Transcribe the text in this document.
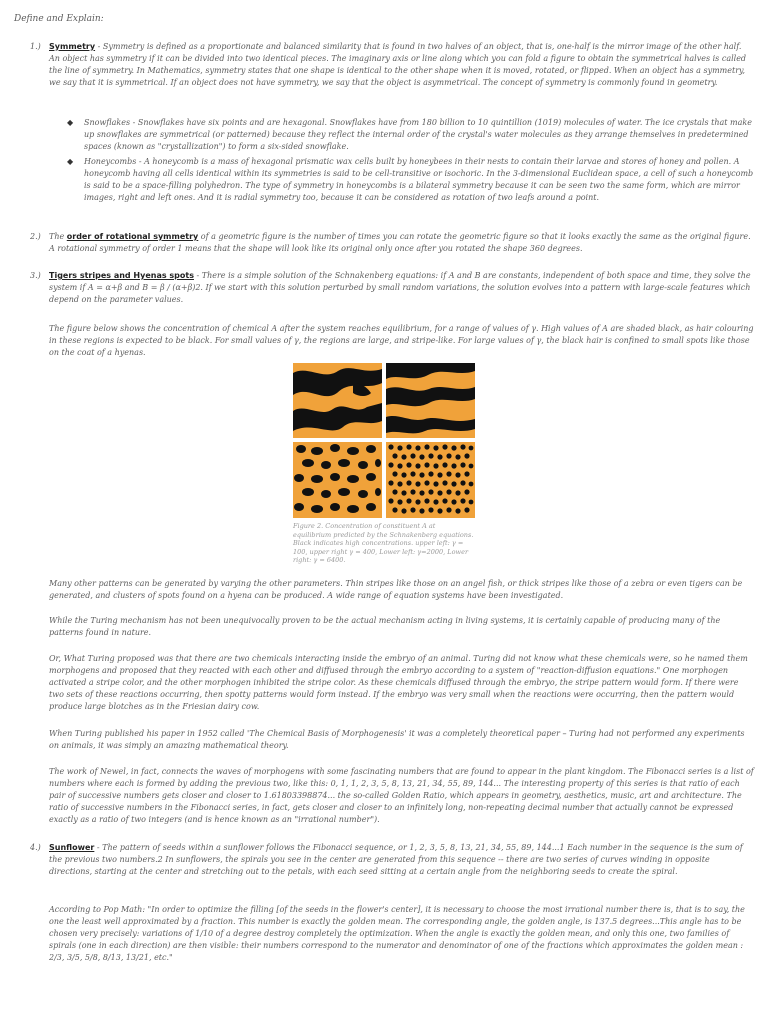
Define and Explain:
1.) Symmetry - Symmetry is defined as a proportionate and balanced similarity that is found in two halves of an object, that is, one-half is the mirror image of the other half. An object has symmetry if it can be divided into two identical pieces. The imaginary axis or line along which you can fold a figure to obtain the symmetrical halves is called the line of symmetry. In Mathematics, symmetry states that one shape is identical to the other shape when it is moved, rotated, or flipped. When an object has a symmetry, we say that it is symmetrical. If an object does not have symmetry, we say that the object is asymmetrical. The concept of symmetry is commonly found in geometry.

◆ Snowflakes - Snowflakes have six points and are hexagonal. Snowflakes have from 180 billion to 10 quintillion (1019) molecules of water. The ice crystals that make up snowflakes are symmetrical (or patterned) because they reflect the internal order of the crystal's water molecules as they arrange themselves in predetermined spaces (known as "crystallization") to form a six-sided snowflake.

◆ Honeycombs - A honeycomb is a mass of hexagonal prismatic wax cells built by honeybees in their nests to contain their larvae and stores of honey and pollen. A honeycomb having all cells identical within its symmetries is said to be cell-transitive or isochoric. In the 3-dimensional Euclidean space, a cell of such a honeycomb is said to be a space-filling polyhedron. The type of symmetry in honeycombs is a bilateral symmetry because it can be seen two the same form, which are mirror images, right and left ones. And it is radial symmetry too, because it can be considered as rotation of two leafs around a point.

2.) The order of rotational symmetry of a geometric figure is the number of times you can rotate the geometric figure so that it looks exactly the same as the original figure. A rotational symmetry of order 1 means that the shape will look like its original only once after you rotated the shape 360 degrees.

3.) Tigers stripes and Hyenas spots - There is a simple solution of the Schnakenberg equations: if A and B are constants, independent of both space and time, they solve the system if A = α+β and B = β / (α+β)2. If we start with this solution perturbed by small random variations, the solution evolves into a pattern with large-scale features which depend on the parameter values.

The figure below shows the concentration of chemical A after the system reaches equilibrium, for a range of values of γ. High values of A are shaded black, as hair colouring in these regions is expected to be black. For small values of γ, the regions are large, and stripe-like. For large values of γ, the black hair is confined to small spots like those on the coat of a hyenas.

Figure 2. Concentration of constituent A at equilibrium predicted by the Schnakenberg equations. Black indicates high concentrations. upper left: γ = 100, upper right γ = 400, Lower left: γ=2000, Lower right: γ = 6400.

Many other patterns can be generated by varying the other parameters. Thin stripes like those on an angel fish, or thick stripes like those of a zebra or even tigers can be generated, and clusters of spots found on a hyena can be produced. A wide range of equation systems have been investigated.

While the Turing mechanism has not been unequivocally proven to be the actual mechanism acting in living systems, it is certainly capable of producing many of the patterns found in nature.

Or, What Turing proposed was that there are two chemicals interacting inside the embryo of an animal. Turing did not know what these chemicals were, so he named them morphogens and proposed that they reacted with each other and diffused through the embryo according to a system of "reaction-diffusion equations." One morphogen activated a stripe color, and the other morphogen inhibited the stripe color. As these chemicals diffused through the embryo, the stripe pattern would form. If there were two sets of these reactions occurring, then spotty patterns would form instead. If the embryo was very small when the reactions were occurring, then the pattern would produce large blotches as in the Friesian dairy cow.

When Turing published his paper in 1952 called 'The Chemical Basis of Morphogenesis' it was a completely theoretical paper – Turing had not performed any experiments on animals, it was simply an amazing mathematical theory.

The work of Newel, in fact, connects the waves of morphogens with some fascinating numbers that are found to appear in the plant kingdom. The Fibonacci series is a list of numbers where each is formed by adding the previous two, like this: 0, 1, 1, 2, 3, 5, 8, 13, 21, 34, 55, 89, 144... The interesting property of this series is that ratio of each pair of successive numbers gets closer and closer to 1.61803398874... the so-called Golden Ratio, which appears in geometry, aesthetics, music, art and architecture. The ratio of successive numbers in the Fibonacci series, in fact, gets closer and closer to an infinitely long, non-repeating decimal number that actually cannot be expressed exactly as a ratio of two integers (and is hence known as an "irrational number").

4.) Sunflower - The pattern of seeds within a sunflower follows the Fibonacci sequence, or 1, 2, 3, 5, 8, 13, 21, 34, 55, 89, 144...1 Each number in the sequence is the sum of the previous two numbers.2 In sunflowers, the spirals you see in the center are generated from this sequence -- there are two series of curves winding in opposite directions, starting at the center and stretching out to the petals, with each seed sitting at a certain angle from the neighboring seeds to create the spiral.

According to Pop Math: "In order to optimize the filling [of the seeds in the flower's center], it is necessary to choose the most irrational number there is, that is to say, the one the least well approximated by a fraction. This number is exactly the golden mean. The corresponding angle, the golden angle, is 137.5 degrees...This angle has to be chosen very precisely: variations of 1/10 of a degree destroy completely the optimization. When the angle is exactly the golden mean, and only this one, two families of spirals (one in each direction) are then visible: their numbers correspond to the numerator and denominator of one of the fractions which approximates the golden mean : 2/3, 3/5, 5/8, 8/13, 13/21, etc."
